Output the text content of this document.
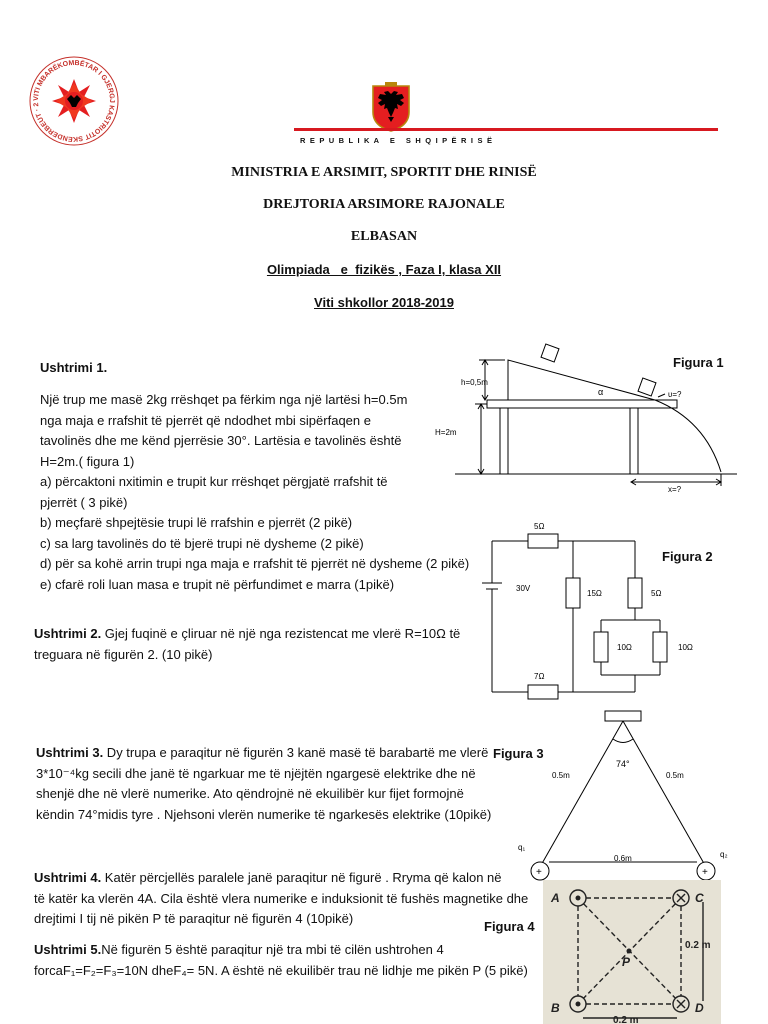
VITI MBARËKOMBËTAR I GJERGJ KASTRIOTIT SKENDERBEUT · 2
R E P U B L I K A   E   S H Q I P Ë R I S Ë
MINISTRIA E ARSIMIT, SPORTIT DHE RINISË
DREJTORIA ARSIMORE RAJONALE
ELBASAN
Olimpiada   e  fizikës , Faza I, klasa XII
Viti shkollor 2018-2019
Ushtrimi 1.

Një trup me masë 2kg rrëshqet pa fërkim nga një lartësi h=0.5m

nga maja e rrafshit të pjerrët që ndodhet mbi sipërfaqen e

tavolinës dhe me kënd pjerrësie 30°. Lartësia e tavolinës është

H=2m.( figura 1)

a) përcaktoni nxitimin e trupit kur rrëshqet përgjatë rrafshit të

pjerrët ( 3 pikë)

b) meçfarë shpejtësie trupi lë rrafshin e pjerrët (2 pikë)

c) sa larg tavolinës do të bjerë trupi në dysheme (2 pikë)

d) për sa kohë arrin trupi nga maja e rrafshit të pjerrët në dysheme (2 pikë)

e) cfarë roli luan masa e trupit në përfundimet e marra (1pikë)

Figura 1
h=0,5m
H=2m
α	υ=?
x=?

Ushtrimi 2. Gjej fuqinë e çliruar në një nga rezistencat me vlerë R=10Ω të

treguara në figurën 2. (10 pikë)

Figura 2
5Ω
30V
15Ω	5Ω
10Ω	10Ω
7Ω

Ushtrimi 3. Dy trupa e paraqitur në figurën 3 kanë masë të barabartë me vlerë

3*10⁻⁴kg secili dhe janë të ngarkuar me të njëjtën ngargesë elektrike dhe në

shenjë dhe në vlerë numerike. Ato qëndrojnë në ekuilibër kur fijet formojnë

këndin 74°midis tyre . Njehsoni vlerën numerike të ngarkesës elektrike (10pikë)

Figura 3
+	+
74°
0.5m	0.5m
q₁
q₂
0.6m

Ushtrimi 4. Katër përcjellës paralele janë paraqitur në figurë . Rryma që kalon në

të katër ka vlerën 4A. Cila është vlera numerike e induksionit të fushës magnetike dhe

drejtimi I tij në pikën P të paraqitur në figurën 4 (10pikë)

Ushtrimi 5.Në figurën 5 është paraqitur një tra mbi të cilën ushtrohen 4

forcaF₁=F₂=F₃=10N dheF₄= 5N. A është në ekuilibër trau në lidhje me pikën P (5 pikë)

Figura 4
A
B
C
D
P
0.2 m
0.2 m
